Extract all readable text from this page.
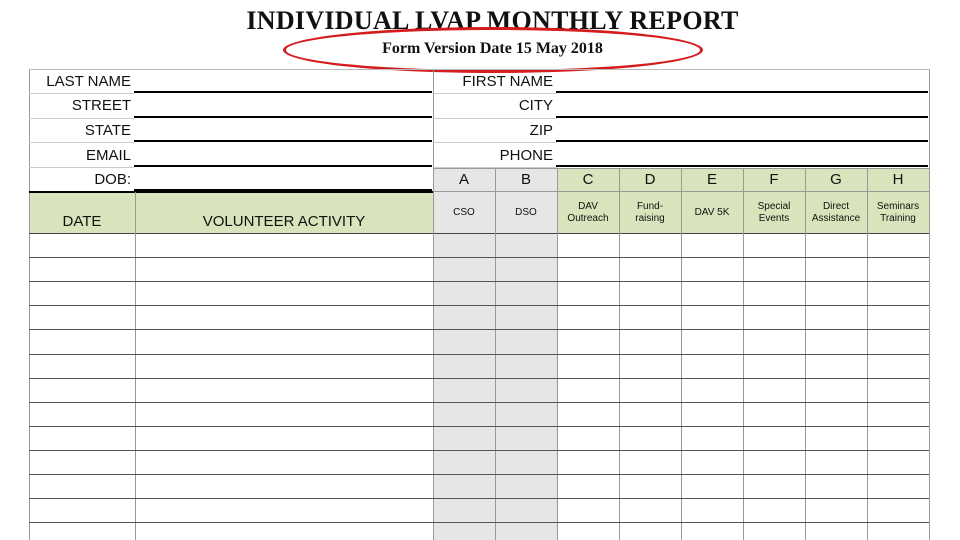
INDIVIDUAL LVAP MONTHLY REPORT
Form Version Date 15 May 2018
LAST NAME
STREET
STATE
EMAIL
DOB:
FIRST NAME
CITY
ZIP
PHONE
DATE	VOLUNTEER ACTIVITY
A
CSO
B
DSO
C
DAV
Outreach
D
Fund-
raising
E
DAV 5K
F
Special
Events
G
Direct
Assistance
H
Seminars
Training
